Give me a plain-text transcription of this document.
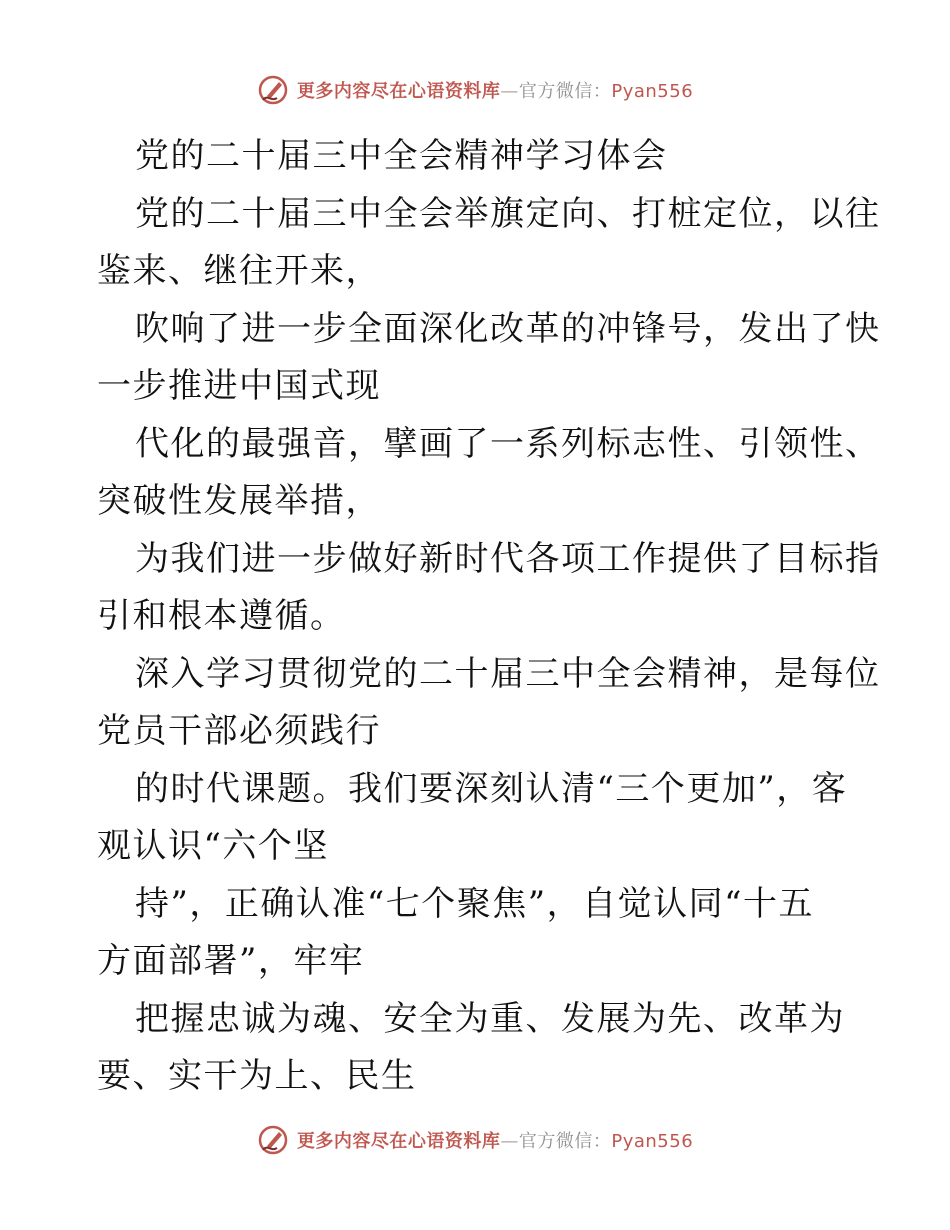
更多内容尽在心语资料库—官方微信：Pyan556
党的二十届三中全会精神学习体会
党的二十届三中全会举旗定向、打桩定位，以往
鉴来、继往开来，
吹响了进一步全面深化改革的冲锋号，发出了快
一步推进中国式现
代化的最强音，擘画了一系列标志性、引领性、
突破性发展举措，
为我们进一步做好新时代各项工作提供了目标指
引和根本遵循。
深入学习贯彻党的二十届三中全会精神，是每位
党员干部必须践行
的时代课题。我们要深刻认清“三个更加”，客
观认识“六个坚
持”，正确认准“七个聚焦”，自觉认同“十五
方面部署”，牢牢
把握忠诚为魂、安全为重、发展为先、改革为
要、实干为上、民生
更多内容尽在心语资料库—官方微信：Pyan556
